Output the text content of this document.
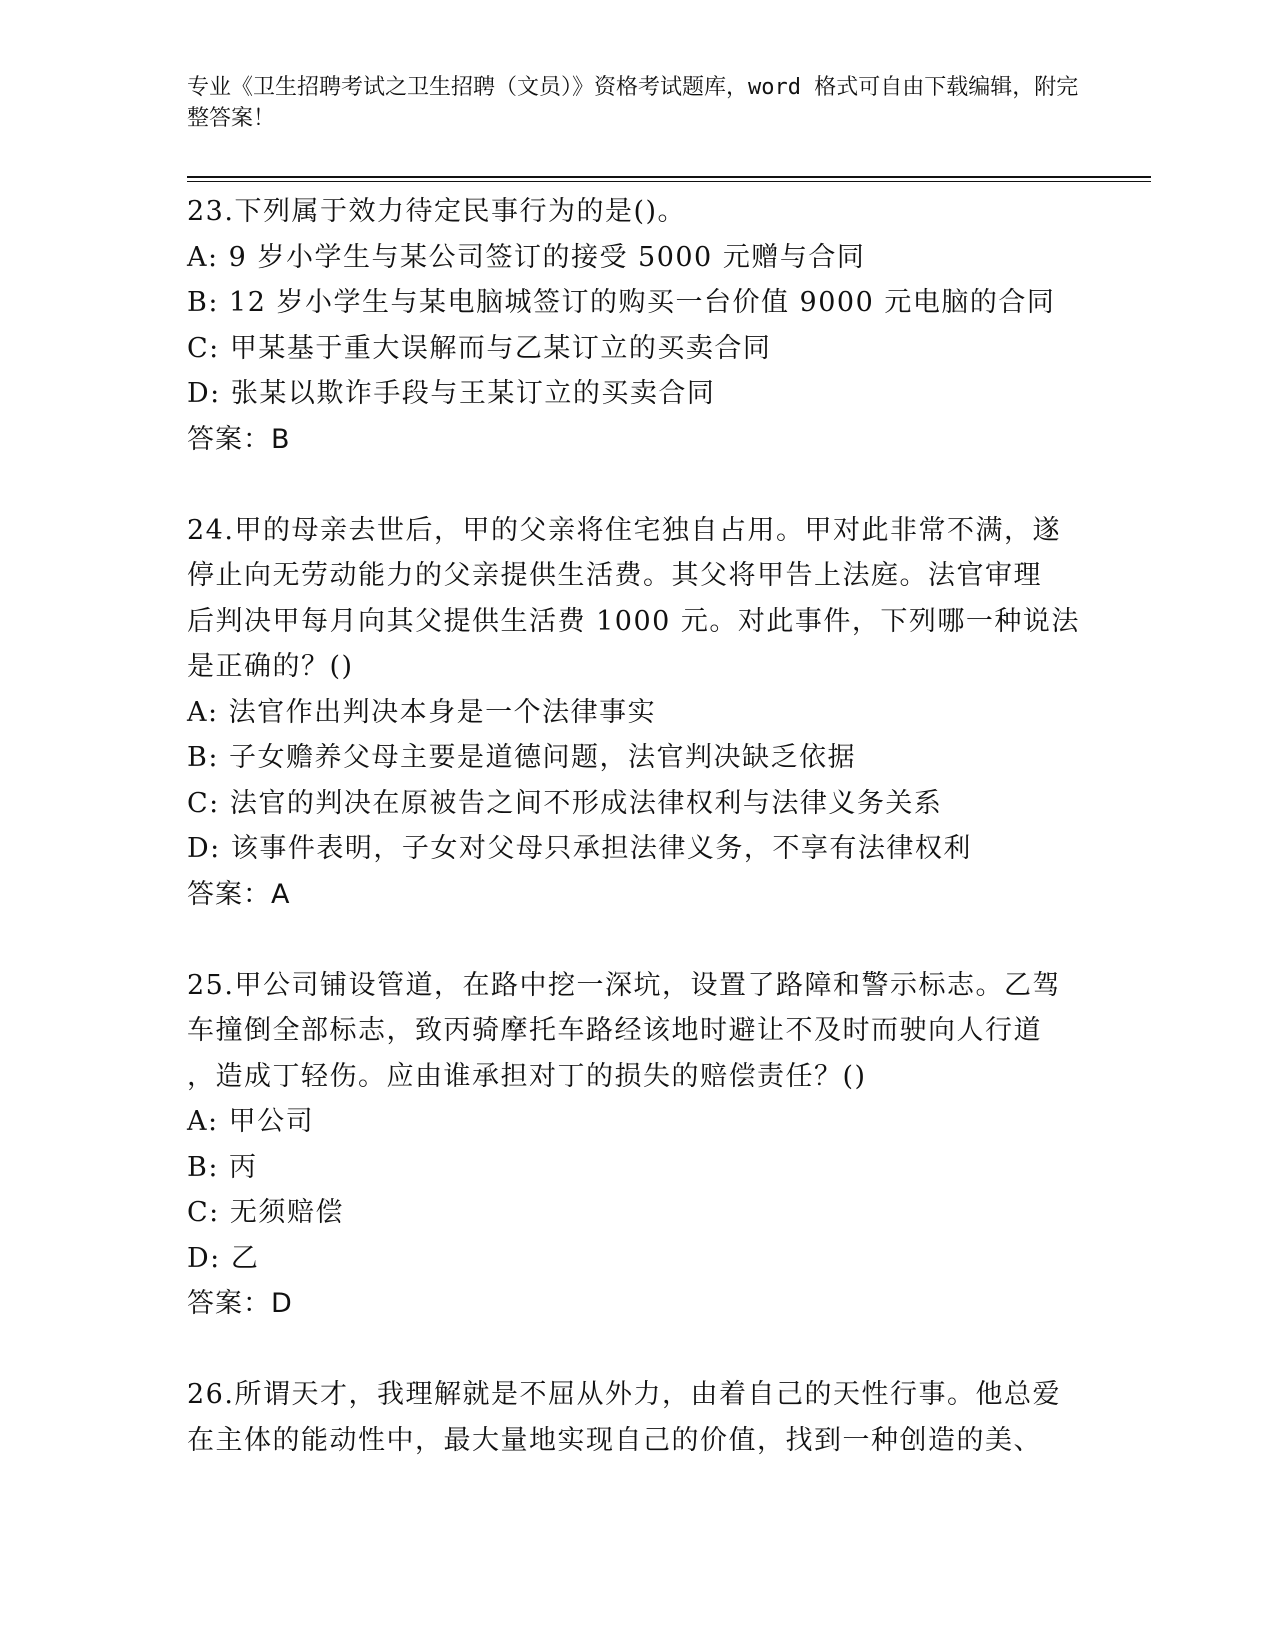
专业《卫生招聘考试之卫生招聘（文员）》资格考试题库，word 格式可自由下载编辑，附完整答案！
23.下列属于效力待定民事行为的是()。
A: 9 岁小学生与某公司签订的接受 5000 元赠与合同
B: 12 岁小学生与某电脑城签订的购买一台价值 9000 元电脑的合同
C: 甲某基于重大误解而与乙某订立的买卖合同
D: 张某以欺诈手段与王某订立的买卖合同
答案：B
24.甲的母亲去世后，甲的父亲将住宅独自占用。甲对此非常不满，遂
停止向无劳动能力的父亲提供生活费。其父将甲告上法庭。法官审理
后判决甲每月向其父提供生活费 1000 元。对此事件，下列哪一种说法
是正确的？()
A: 法官作出判决本身是一个法律事实
B: 子女赡养父母主要是道德问题，法官判决缺乏依据
C: 法官的判决在原被告之间不形成法律权利与法律义务关系
D: 该事件表明，子女对父母只承担法律义务，不享有法律权利
答案：A
25.甲公司铺设管道，在路中挖一深坑，设置了路障和警示标志。乙驾
车撞倒全部标志，致丙骑摩托车路经该地时避让不及时而驶向人行道
，造成丁轻伤。应由谁承担对丁的损失的赔偿责任？()
A: 甲公司
B: 丙
C: 无须赔偿
D: 乙
答案：D
26.所谓天才，我理解就是不屈从外力，由着自己的天性行事。他总爱
在主体的能动性中，最大量地实现自己的价值，找到一种创造的美、
